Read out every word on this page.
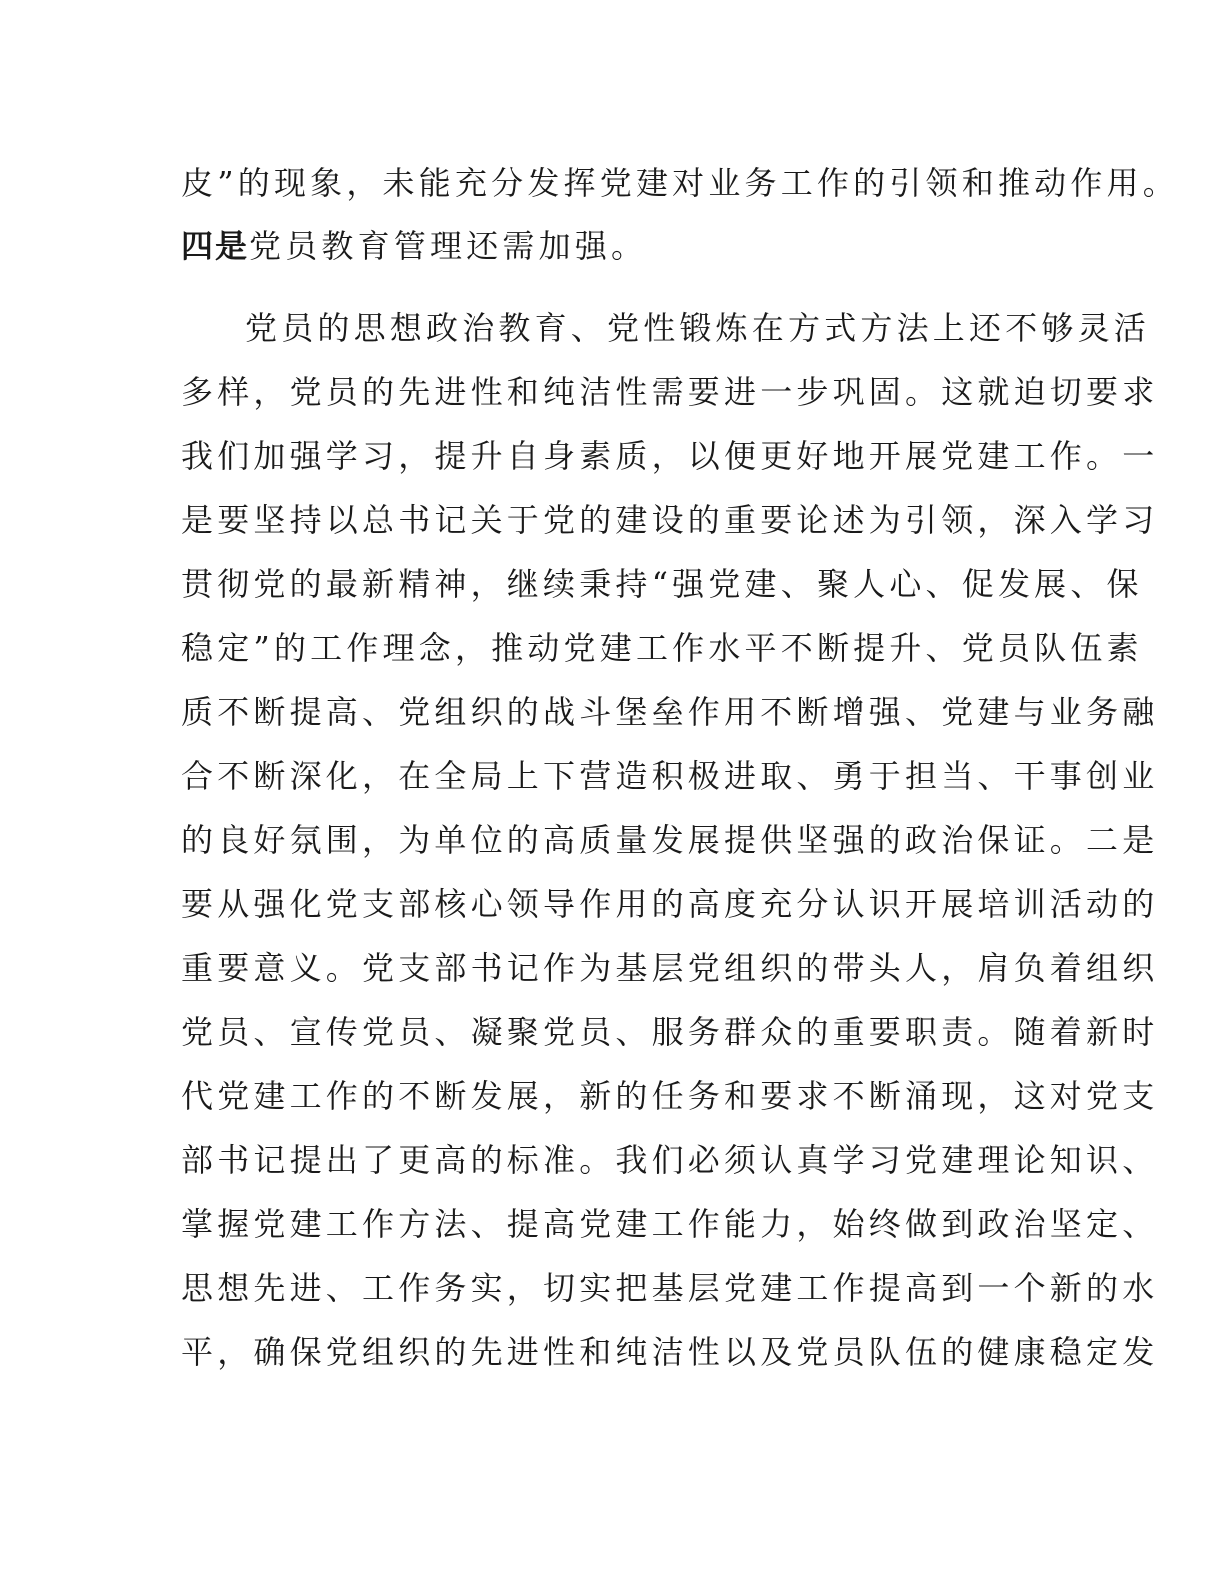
皮”的现象，未能充分发挥党建对业务工作的引领和推动作用。
四是党员教育管理还需加强。
党员的思想政治教育、党性锻炼在方式方法上还不够灵活
多样，党员的先进性和纯洁性需要进一步巩固。这就迫切要求
我们加强学习，提升自身素质，以便更好地开展党建工作。一
是要坚持以总书记关于党的建设的重要论述为引领，深入学习
贯彻党的最新精神，继续秉持“强党建、聚人心、促发展、保
稳定”的工作理念，推动党建工作水平不断提升、党员队伍素
质不断提高、党组织的战斗堡垒作用不断增强、党建与业务融
合不断深化，在全局上下营造积极进取、勇于担当、干事创业
的良好氛围，为单位的高质量发展提供坚强的政治保证。二是
要从强化党支部核心领导作用的高度充分认识开展培训活动的
重要意义。党支部书记作为基层党组织的带头人，肩负着组织
党员、宣传党员、凝聚党员、服务群众的重要职责。随着新时
代党建工作的不断发展，新的任务和要求不断涌现，这对党支
部书记提出了更高的标准。我们必须认真学习党建理论知识、
掌握党建工作方法、提高党建工作能力，始终做到政治坚定、
思想先进、工作务实，切实把基层党建工作提高到一个新的水
平，确保党组织的先进性和纯洁性以及党员队伍的健康稳定发
